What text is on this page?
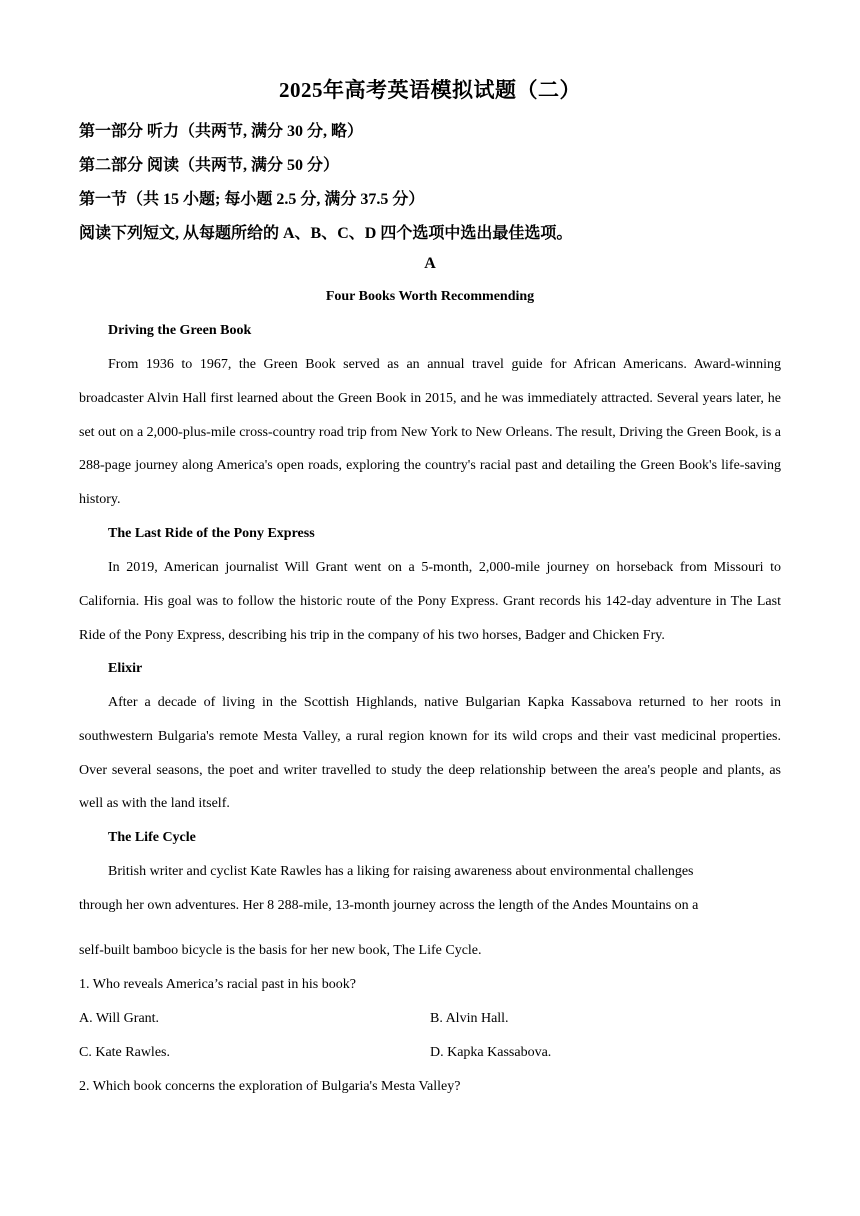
2025年高考英语模拟试题（二）
第一部分 听力（共两节, 满分 30 分, 略）
第二部分 阅读（共两节, 满分 50 分）
第一节（共 15 小题; 每小题 2.5 分, 满分 37.5 分）
阅读下列短文, 从每题所给的 A、B、C、D 四个选项中选出最佳选项。
A
Four Books Worth Recommending
Driving the Green Book

From 1936 to 1967, the Green Book served as an annual travel guide for African Americans. Award-winning broadcaster Alvin Hall first learned about the Green Book in 2015, and he was immediately attracted. Several years later, he set out on a 2,000-plus-mile cross-country road trip from New York to New Orleans. The result, Driving the Green Book, is a 288-page journey along America's open roads, exploring the country's racial past and detailing the Green Book's life-saving history.

The Last Ride of the Pony Express

In 2019, American journalist Will Grant went on a 5-month, 2,000-mile journey on horseback from Missouri to California. His goal was to follow the historic route of the Pony Express. Grant records his 142-day adventure in The Last Ride of the Pony Express, describing his trip in the company of his two horses, Badger and Chicken Fry.

Elixir

After a decade of living in the Scottish Highlands, native Bulgarian Kapka Kassabova returned to her roots in southwestern Bulgaria's remote Mesta Valley, a rural region known for its wild crops and their vast medicinal properties. Over several seasons, the poet and writer travelled to study the deep relationship between the area's people and plants, as well as with the land itself.

The Life Cycle
British writer and cyclist Kate Rawles has a liking for raising awareness about environmental challenges
through her own adventures. Her 8 288-mile, 13-month journey across the length of the Andes Mountains on a
self-built bamboo bicycle is the basis for her new book, The Life Cycle.
1. Who reveals America’s racial past in his book?
A. Will Grant.	B. Alvin Hall.
C. Kate Rawles.	D. Kapka Kassabova.
2. Which book concerns the exploration of Bulgaria's Mesta Valley?
